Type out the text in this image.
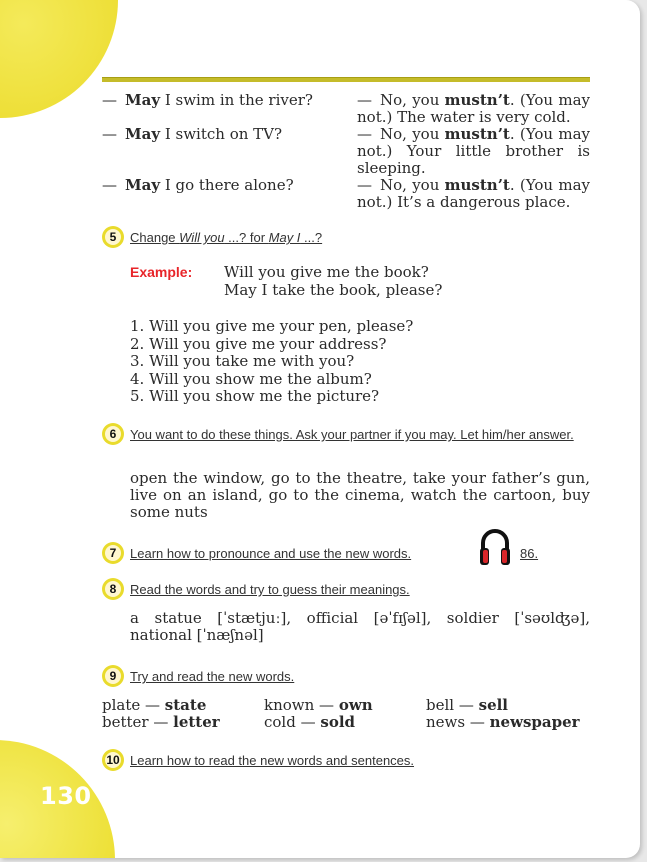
130
— May I swim in the river?	— No, you mustn’t. (You may not.) The water is very cold.
— May I switch on TV?	— No, you mustn’t. (You may not.) Your little brother is sleeping.
— May I go there alone?	— No, you mustn’t. (You may not.) It’s a dangerous place.
5	Change Will you ...? for May I ...?
Example: Will you give me the book?
May I take the book, please?
1. Will you give me your pen, please?
2. Will you give me your address?
3. Will you take me with you?
4. Will you show me the album?
5. Will you show me the picture?
6	You want to do these things. Ask your partner if you may. Let him/her answer.
open the window, go to the theatre, take your father’s gun, live on an island, go to the cinema, watch the cartoon, buy some nuts
7	Learn how to pronounce and use the new words.	86.
8	Read the words and try to guess their meanings.
a statue [ˈstætjuː], official [əˈfɪʃəl], soldier [ˈsəʊlʤə], national [ˈnæʃnəl]
9	Try and read the new words.
plate — state	known — own	bell — sell
better — letter	cold — sold	news — newspaper
10 Learn how to read the new words and sentences.
